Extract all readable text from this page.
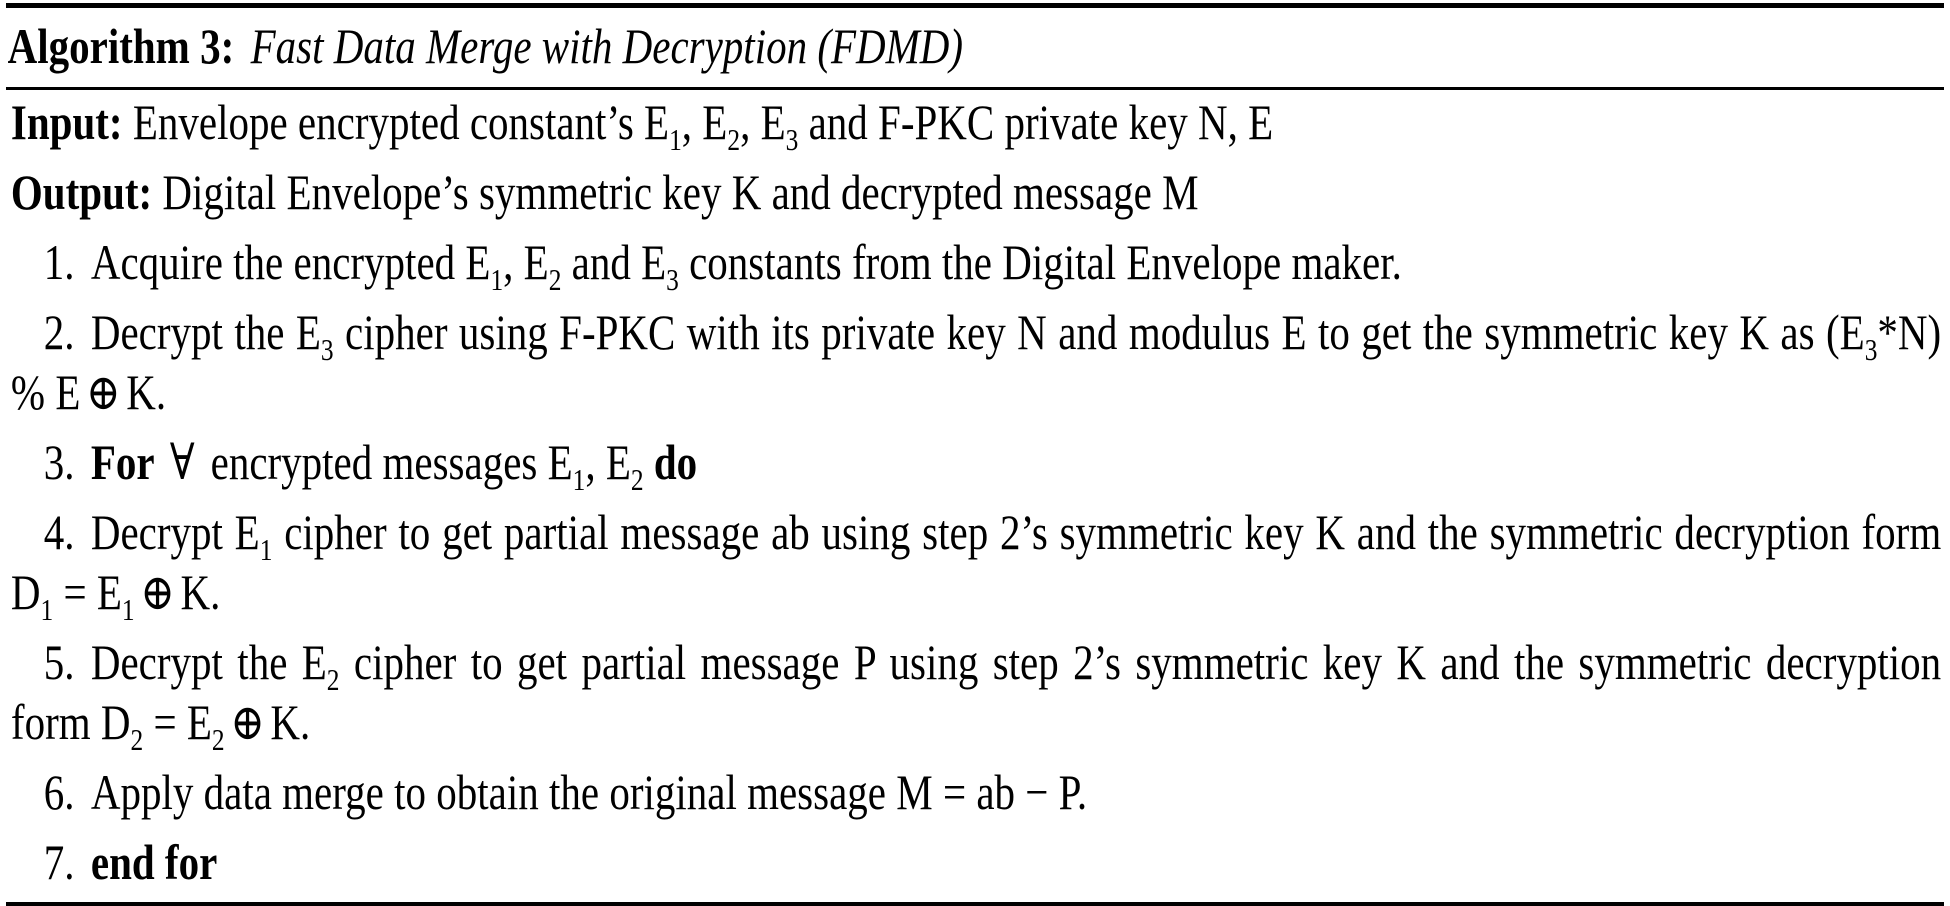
Algorithm 3: Fast Data Merge with Decryption (FDMD)

Input: Envelope encrypted constant’s $E_1$, $E_2$, $E_3$ and F-PKC private key N, E

Output: Digital Envelope’s symmetric key K and decrypted message M

1. Acquire the encrypted $E_1$, $E_2$ and $E_3$ constants from the Digital Envelope maker.

2. Decrypt the $E_3$ cipher using F-PKC with its private key N and modulus E to get the symmetric key K as $(E_3*N)$ % E ⊕ K.

3. For ∀ encrypted messages $E_1$, $E_2$ do

4. Decrypt $E_1$ cipher to get partial message ab using step 2’s symmetric key K and the symmetric decryption form $D_1 = E_1$ ⊕ K.

5. Decrypt the $E_2$ cipher to get partial message P using step 2’s symmetric key K and the symmetric decryption form $D_2 = E_2$ ⊕ K.

6. Apply data merge to obtain the original message M = ab − P.

7. end for
